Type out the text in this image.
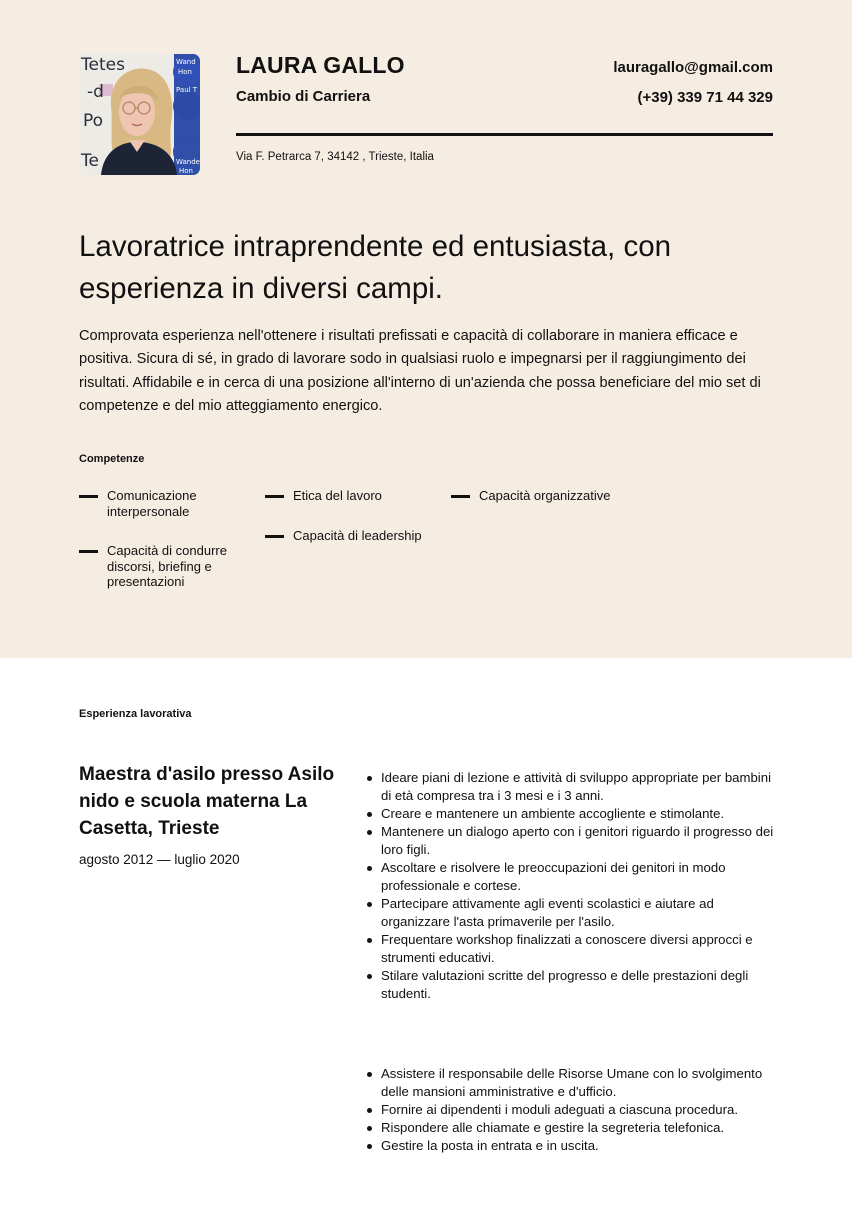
Tetes
-d
Po
Te
Wand
Hon
Paul T
Wande
Hon
LAURA GALLO
Cambio di Carriera
lauragallo@gmail.com
(+39) 339 71 44 329
Via F. Petrarca 7, 34142 , Trieste, Italia
Lavoratrice intraprendente ed entusiasta, con esperienza in diversi campi.

Comprovata esperienza nell'ottenere i risultati prefissati e capacità di collaborare in maniera efficace e positiva. Sicura di sé, in grado di lavorare sodo in qualsiasi ruolo e impegnarsi per il raggiungimento dei risultati. Affidabile e in cerca di una posizione all'interno di un'azienda che possa beneficiare del mio set di competenze e del mio atteggiamento energico.

Competenze
Comunicazione interpersonale
Etica del lavoro	Capacità organizzative
Capacità di condurre discorsi, briefing e presentazioni
Capacità di leadership
Esperienza lavorativa
Maestra d'asilo presso Asilo nido e scuola materna La Casetta, Trieste
agosto 2012 — luglio 2020
Ideare piani di lezione e attività di sviluppo appropriate per bambini di età compresa tra i 3 mesi e i 3 anni.
Creare e mantenere un ambiente accogliente e stimolante.
Mantenere un dialogo aperto con i genitori riguardo il progresso dei loro figli.
Ascoltare e risolvere le preoccupazioni dei genitori in modo professionale e cortese.
Partecipare attivamente agli eventi scolastici e aiutare ad organizzare l'asta primaverile per l'asilo.
Frequentare workshop finalizzati a conoscere diversi approcci e strumenti educativi.
Stilare valutazioni scritte del progresso e delle prestazioni degli studenti.
Assistere il responsabile delle Risorse Umane con lo svolgimento delle mansioni amministrative e d'ufficio.
Fornire ai dipendenti i moduli adeguati a ciascuna procedura.
Rispondere alle chiamate e gestire la segreteria telefonica.
Gestire la posta in entrata e in uscita.
